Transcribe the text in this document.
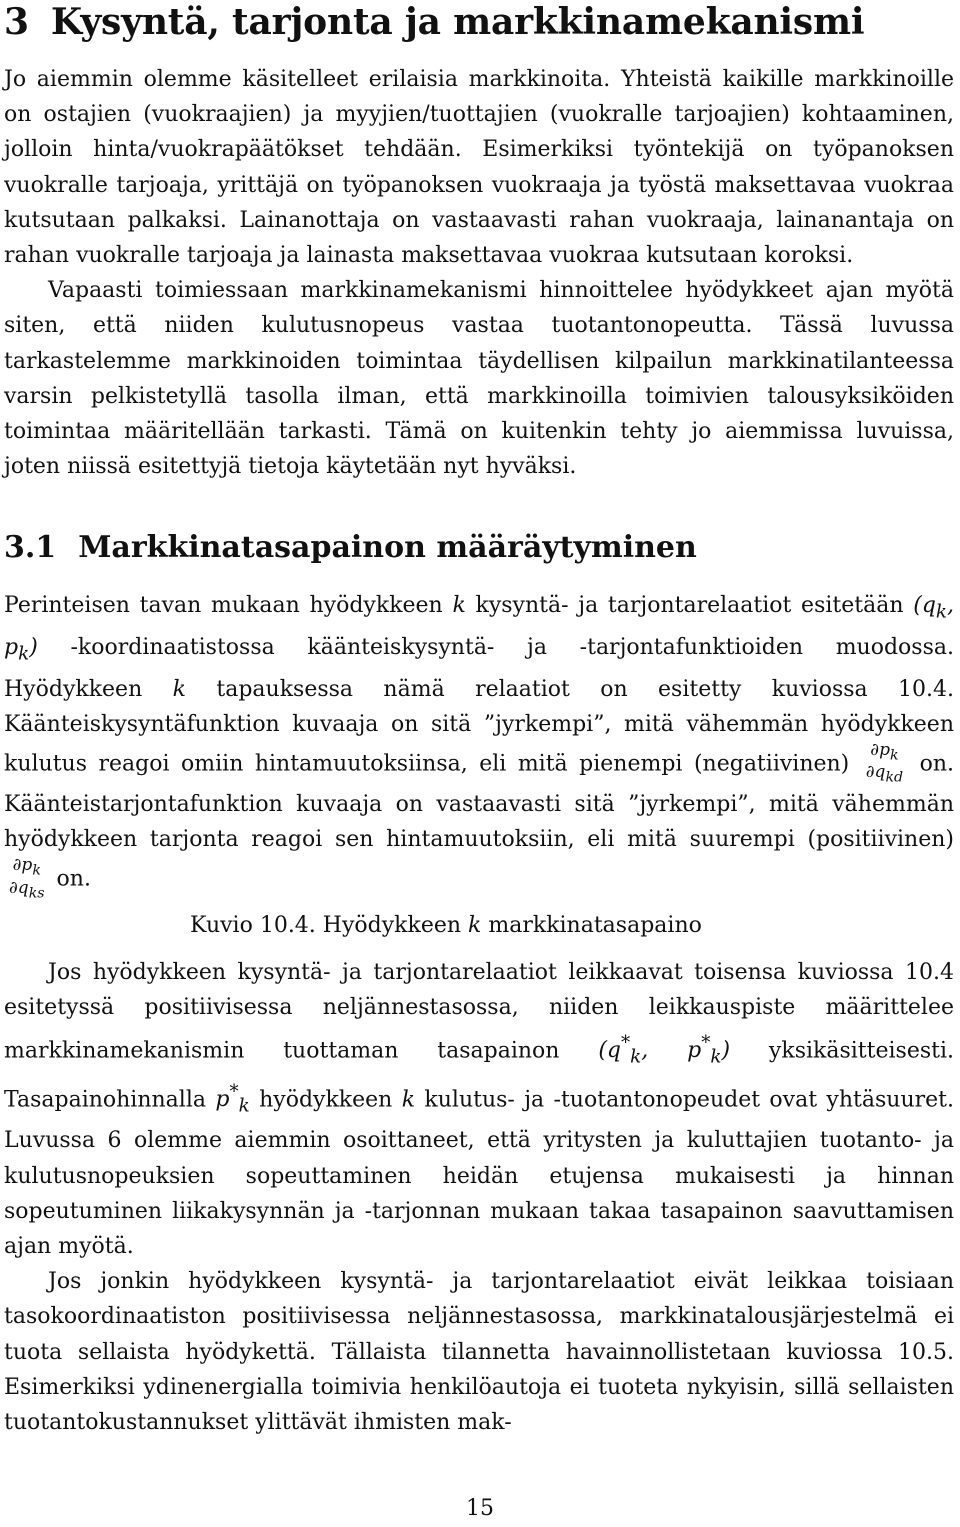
3 Kysyntä, tarjonta ja markkinamekanismi

Jo aiemmin olemme käsitelleet erilaisia markkinoita. Yhteistä kaikille markkinoille on ostajien (vuokraajien) ja myyjien/tuottajien (vuokralle tarjoajien) kohtaaminen, jolloin hinta/vuokrapäätökset tehdään. Esimerkiksi työntekijä on työpanoksen vuokralle tarjoaja, yrittäjä on työpanoksen vuokraaja ja työstä maksettavaa vuokraa kutsutaan palkaksi. Lainanottaja on vastaavasti rahan vuokraaja, lainanantaja on rahan vuokralle tarjoaja ja lainasta maksettavaa vuokraa kutsutaan koroksi.

Vapaasti toimiessaan markkinamekanismi hinnoittelee hyödykkeet ajan myötä siten, että niiden kulutusnopeus vastaa tuotantonopeutta. Tässä luvussa tarkastelemme markkinoiden toimintaa täydellisen kilpailun markkinatilanteessa varsin pelkistetyllä tasolla ilman, että markkinoilla toimivien talousyksiköiden toimintaa määritellään tarkasti. Tämä on kuitenkin tehty jo aiemmissa luvuissa, joten niissä esitettyjä tietoja käytetään nyt hyväksi.

3.1 Markkinatasapainon määräytyminen

Perinteisen tavan mukaan hyödykkeen k kysyntä- ja tarjontarelaatiot esitetään ($q_k$, $p_k$) -koordinaatistossa käänteiskysyntä- ja -tarjontafunktioiden muodossa. Hyödykkeen k tapauksessa nämä relaatiot on esitetty kuviossa 10.4. Käänteiskysyntäfunktion kuvaaja on sitä ”jyrkempi”, mitä vähemmän hyödykkeen kulutus reagoi omiin hintamuutoksiinsa, eli mitä pienempi (negatiivinen)
$\partial p_k$
$\partial q_{kd}$
on. Käänteistarjontafunktion kuvaaja on vastaavasti sitä ”jyrkempi”, mitä vähemmän hyödykkeen tarjonta reagoi sen hintamuutoksiin, eli mitä suurempi (positiivinen)
$\partial p_k$
$\partial q_{ks}$
on.

Kuvio 10.4. Hyödykkeen k markkinatasapaino

Jos hyödykkeen kysyntä- ja tarjontarelaatiot leikkaavat toisensa kuviossa 10.4 esitetyssä positiivisessa neljännestasossa, niiden leikkauspiste määrittelee markkinamekanismin tuottaman tasapainon ($q^*_k$, $p^*_k$) yksikäsitteisesti. Tasapainohinnalla $p^*_k$ hyödykkeen k kulutus- ja -tuotantonopeudet ovat yhtäsuuret. Luvussa 6 olemme aiemmin osoittaneet, että yritysten ja kuluttajien tuotanto- ja kulutusnopeuksien sopeuttaminen heidän etujensa mukaisesti ja hinnan sopeutuminen liikakysynnän ja -tarjonnan mukaan takaa tasapainon saavuttamisen ajan myötä.

Jos jonkin hyödykkeen kysyntä- ja tarjontarelaatiot eivät leikkaa toisiaan tasokoordinaatiston positiivisessa neljännestasossa, markkinatalousjärjestelmä ei tuota sellaista hyödykettä. Tällaista tilannetta havainnollistetaan kuviossa 10.5. Esimerkiksi ydinenergialla toimivia henkilöautoja ei tuoteta nykyisin, sillä sellaisten tuotantokustannukset ylittävät ihmisten mak-

15
